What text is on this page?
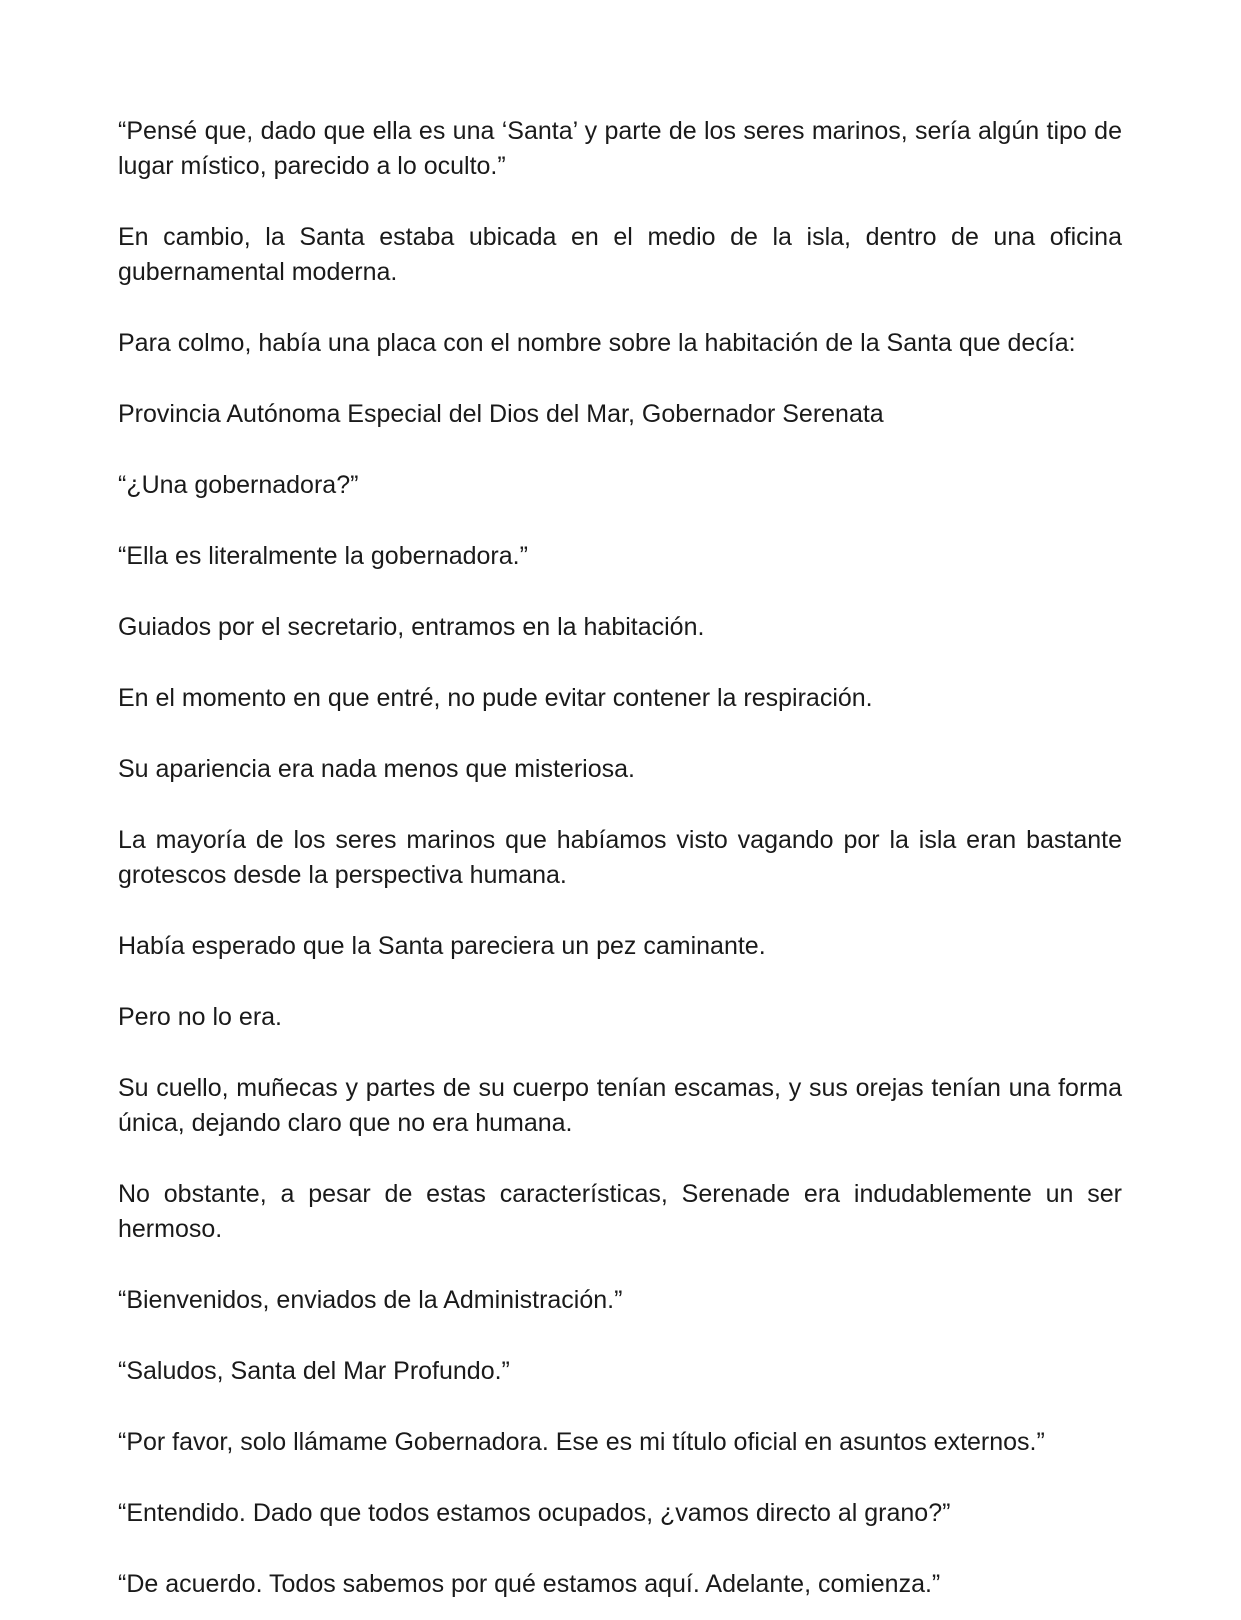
“Pensé que, dado que ella es una ‘Santa’ y parte de los seres marinos, sería algún tipo de lugar místico, parecido a lo oculto.”

En cambio, la Santa estaba ubicada en el medio de la isla, dentro de una oficina gubernamental moderna.

Para colmo, había una placa con el nombre sobre la habitación de la Santa que decía:

Provincia Autónoma Especial del Dios del Mar, Gobernador Serenata

“¿Una gobernadora?”

“Ella es literalmente la gobernadora.”

Guiados por el secretario, entramos en la habitación.

En el momento en que entré, no pude evitar contener la respiración.

Su apariencia era nada menos que misteriosa.

La mayoría de los seres marinos que habíamos visto vagando por la isla eran bastante grotescos desde la perspectiva humana.

Había esperado que la Santa pareciera un pez caminante.

Pero no lo era.

Su cuello, muñecas y partes de su cuerpo tenían escamas, y sus orejas tenían una forma única, dejando claro que no era humana.

No obstante, a pesar de estas características, Serenade era indudablemente un ser hermoso.

“Bienvenidos, enviados de la Administración.”

“Saludos, Santa del Mar Profundo.”

“Por favor, solo llámame Gobernadora. Ese es mi título oficial en asuntos externos.”

“Entendido. Dado que todos estamos ocupados, ¿vamos directo al grano?”

“De acuerdo. Todos sabemos por qué estamos aquí. Adelante, comienza.”
